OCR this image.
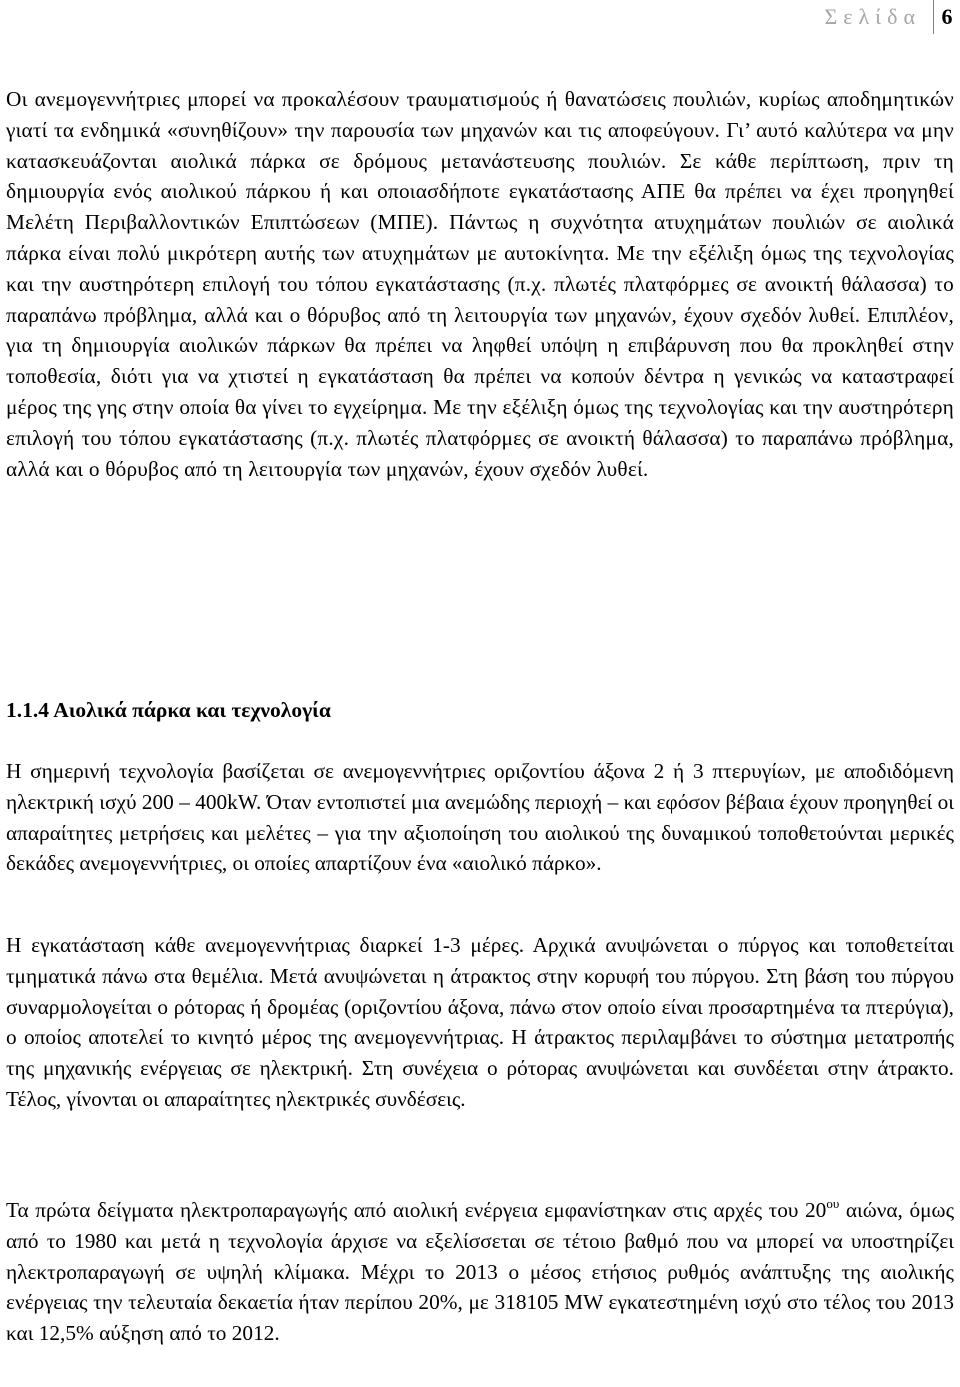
Σελίδα 6

Οι ανεμογεννήτριες μπορεί να προκαλέσουν τραυματισμούς ή θανατώσεις πουλιών, κυρίως αποδημητικών γιατί τα ενδημικά «συνηθίζουν» την παρουσία των μηχανών και τις αποφεύγουν. Γι’ αυτό καλύτερα να μην κατασκευάζονται αιολικά πάρκα σε δρόμους μετανάστευσης πουλιών. Σε κάθε περίπτωση, πριν τη δημιουργία ενός αιολικού πάρκου ή και οποιασδήποτε εγκατάστασης ΑΠΕ θα πρέπει να έχει προηγηθεί Μελέτη Περιβαλλοντικών Επιπτώσεων (ΜΠΕ). Πάντως η συχνότητα ατυχημάτων πουλιών σε αιολικά πάρκα είναι πολύ μικρότερη αυτής των ατυχημάτων με αυτοκίνητα. Με την εξέλιξη όμως της τεχνολογίας και την αυστηρότερη επιλογή του τόπου εγκατάστασης (π.χ. πλωτές πλατφόρμες σε ανοικτή θάλασσα) το παραπάνω πρόβλημα, αλλά και ο θόρυβος από τη λειτουργία των μηχανών, έχουν σχεδόν λυθεί. Επιπλέον, για τη δημιουργία αιολικών πάρκων θα πρέπει να ληφθεί υπόψη η επιβάρυνση που θα προκληθεί στην τοποθεσία, διότι για να χτιστεί η εγκατάσταση θα πρέπει να κοπούν δέντρα η γενικώς να καταστραφεί μέρος της γης στην οποία θα γίνει το εγχείρημα. Με την εξέλιξη όμως της τεχνολογίας και την αυστηρότερη επιλογή του τόπου εγκατάστασης (π.χ. πλωτές πλατφόρμες σε ανοικτή θάλασσα) το παραπάνω πρόβλημα, αλλά και ο θόρυβος από τη λειτουργία των μηχανών, έχουν σχεδόν λυθεί.

1.1.4 Αιολικά πάρκα και τεχνολογία

Η σημερινή τεχνολογία βασίζεται σε ανεμογεννήτριες οριζοντίου άξονα 2 ή 3 πτερυγίων, με αποδιδόμενη ηλεκτρική ισχύ 200 – 400kW. Όταν εντοπιστεί μια ανεμώδης περιοχή – και εφόσον βέβαια έχουν προηγηθεί οι απαραίτητες μετρήσεις και μελέτες – για την αξιοποίηση του αιολικού της δυναμικού τοποθετούνται μερικές δεκάδες ανεμογεννήτριες, οι οποίες απαρτίζουν ένα «αιολικό πάρκο».

Η εγκατάσταση κάθε ανεμογεννήτριας διαρκεί 1-3 μέρες. Αρχικά ανυψώνεται ο πύργος και τοποθετείται τμηματικά πάνω στα θεμέλια. Μετά ανυψώνεται η άτρακτος στην κορυφή του πύργου. Στη βάση του πύργου συναρμολογείται ο ρότορας ή δρομέας (οριζοντίου άξονα, πάνω στον οποίο είναι προσαρτημένα τα πτερύγια), ο οποίος αποτελεί το κινητό μέρος της ανεμογεννήτριας. Η άτρακτος περιλαμβάνει το σύστημα μετατροπής της μηχανικής ενέργειας σε ηλεκτρική. Στη συνέχεια ο ρότορας ανυψώνεται και συνδέεται στην άτρακτο. Τέλος, γίνονται οι απαραίτητες ηλεκτρικές συνδέσεις.

Τα πρώτα δείγματα ηλεκτροπαραγωγής από αιολική ενέργεια εμφανίστηκαν στις αρχές του $20^{o\upsilon}$ αιώνα, όμως από το 1980 και μετά η τεχνολογία άρχισε να εξελίσσεται σε τέτοιο βαθμό που να μπορεί να υποστηρίζει ηλεκτροπαραγωγή σε υψηλή κλίμακα. Μέχρι το 2013 ο μέσος ετήσιος ρυθμός ανάπτυξης της αιολικής ενέργειας την τελευταία δεκαετία ήταν περίπου 20%, με 318105 MW εγκατεστημένη ισχύ στο τέλος του 2013 και 12,5% αύξηση από το 2012.
